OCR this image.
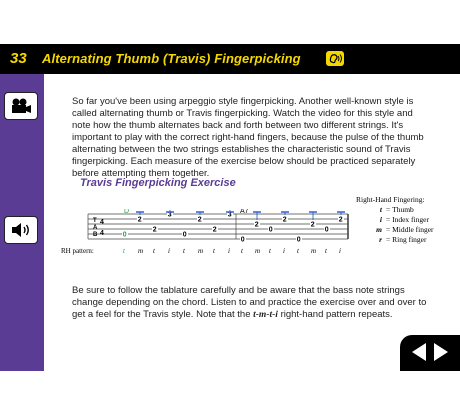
33 Alternating Thumb (Travis) Fingerpicking
So far you've been using arpeggio style fingerpicking. Another well-known style is called alternating thumb or Travis fingerpicking. Watch the video for this style and note how the thumb alternates back and forth between two different strings. It's important to play with the correct right-hand fingers, because the pulse of the thumb alternating between the two strings establishes the characteristic sound of Travis fingerpicking. Each measure of the exercise below should be practiced separately before attempting them together.
Travis Fingerpicking Exercise
Right-Hand Fingering:
t =
Thumb
i =
Index finger
m =
Middle finger
r =
Ring finger
T
A
B
4
4
D	A7
0
2
2
3
0
2
2
3
0
2
0
2
0
2
0
2
RH pattern:	t m t i t m t i t m t i t m t i
Be sure to follow the tablature carefully and be aware that the bass note strings change depending on the chord. Listen to and practice the exercise over and over to get a feel for the Travis style. Note that the t-m-t-i right-hand pattern repeats.
